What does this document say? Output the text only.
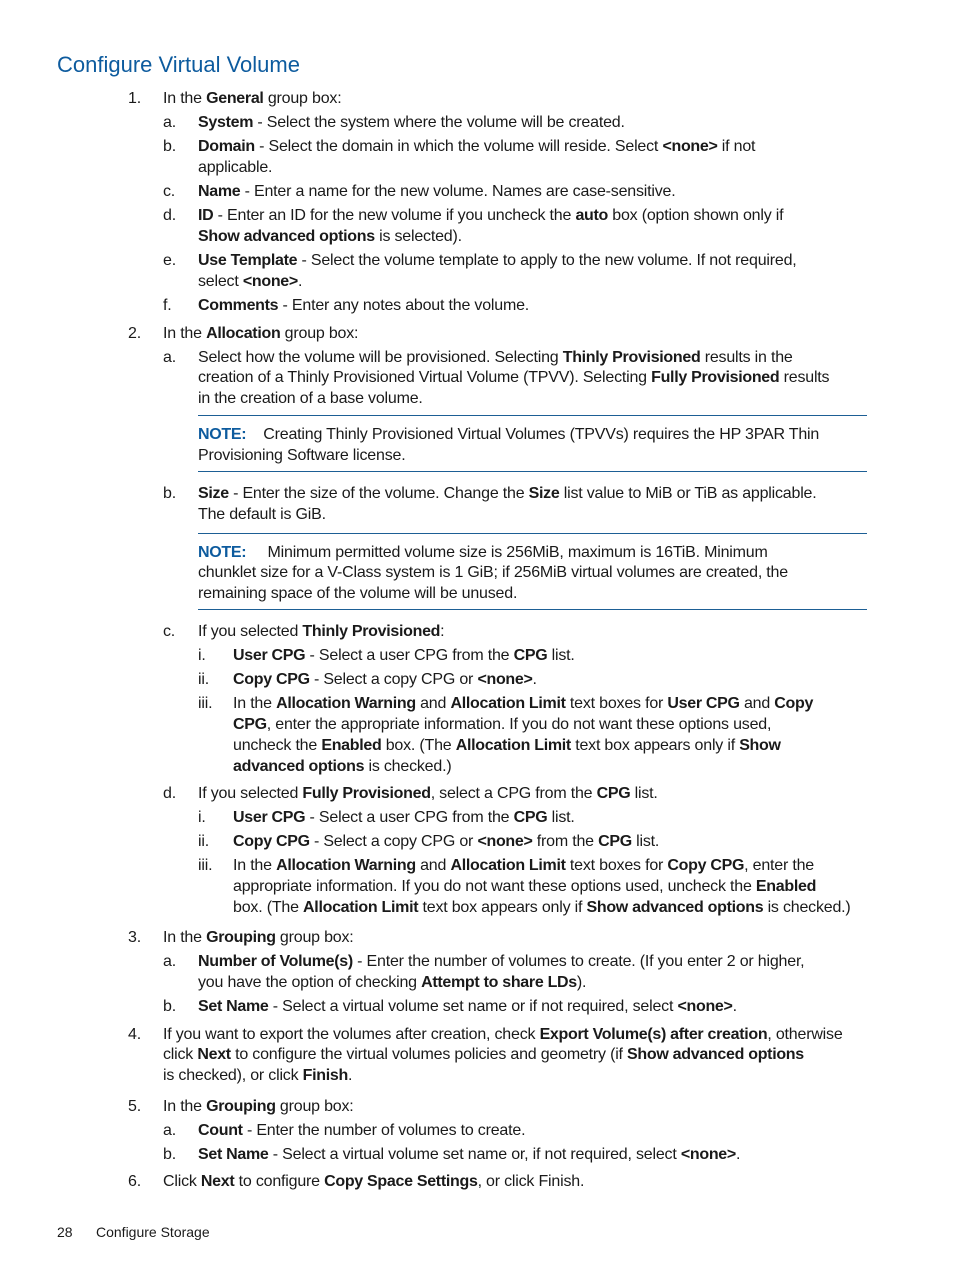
Configure Virtual Volume
1. In the General group box:
a. System - Select the system where the volume will be created.
b. Domain - Select the domain in which the volume will reside. Select <none> if not
applicable.
c. Name - Enter a name for the new volume. Names are case-sensitive.
d. ID - Enter an ID for the new volume if you uncheck the auto box (option shown only if
Show advanced options is selected).
e. Use Template - Select the volume template to apply to the new volume. If not required,
select <none>.
f. Comments - Enter any notes about the volume.
2. In the Allocation group box:
a. Select how the volume will be provisioned. Selecting Thinly Provisioned results in the
creation of a Thinly Provisioned Virtual Volume (TPVV). Selecting Fully Provisioned results
in the creation of a base volume.
NOTE:    Creating Thinly Provisioned Virtual Volumes (TPVVs) requires the HP 3PAR Thin
Provisioning Software license.
b. Size - Enter the size of the volume. Change the Size list value to MiB or TiB as applicable.
The default is GiB.
NOTE:     Minimum permitted volume size is 256MiB, maximum is 16TiB. Minimum
chunklet size for a V-Class system is 1 GiB; if 256MiB virtual volumes are created, the
remaining space of the volume will be unused.
c. If you selected Thinly Provisioned:
i. User CPG - Select a user CPG from the CPG list.
ii. Copy CPG - Select a copy CPG or <none>.
iii. In the Allocation Warning and Allocation Limit text boxes for User CPG and Copy
CPG, enter the appropriate information. If you do not want these options used,
uncheck the Enabled box. (The Allocation Limit text box appears only if Show
advanced options is checked.)
d. If you selected Fully Provisioned, select a CPG from the CPG list.
i. User CPG - Select a user CPG from the CPG list.
ii. Copy CPG - Select a copy CPG or <none> from the CPG list.
iii. In the Allocation Warning and Allocation Limit text boxes for Copy CPG, enter the
appropriate information. If you do not want these options used, uncheck the Enabled
box. (The Allocation Limit text box appears only if Show advanced options is checked.)
3. In the Grouping group box:
a. Number of Volume(s) - Enter the number of volumes to create. (If you enter 2 or higher,
you have the option of checking Attempt to share LDs).
b. Set Name - Select a virtual volume set name or if not required, select <none>.
4. If you want to export the volumes after creation, check Export Volume(s) after creation, otherwise
click Next to configure the virtual volumes policies and geometry (if Show advanced options
is checked), or click Finish.
5. In the Grouping group box:
a. Count - Enter the number of volumes to create.
b. Set Name - Select a virtual volume set name or, if not required, select <none>.
6. Click Next to configure Copy Space Settings, or click Finish.
28 Configure Storage
